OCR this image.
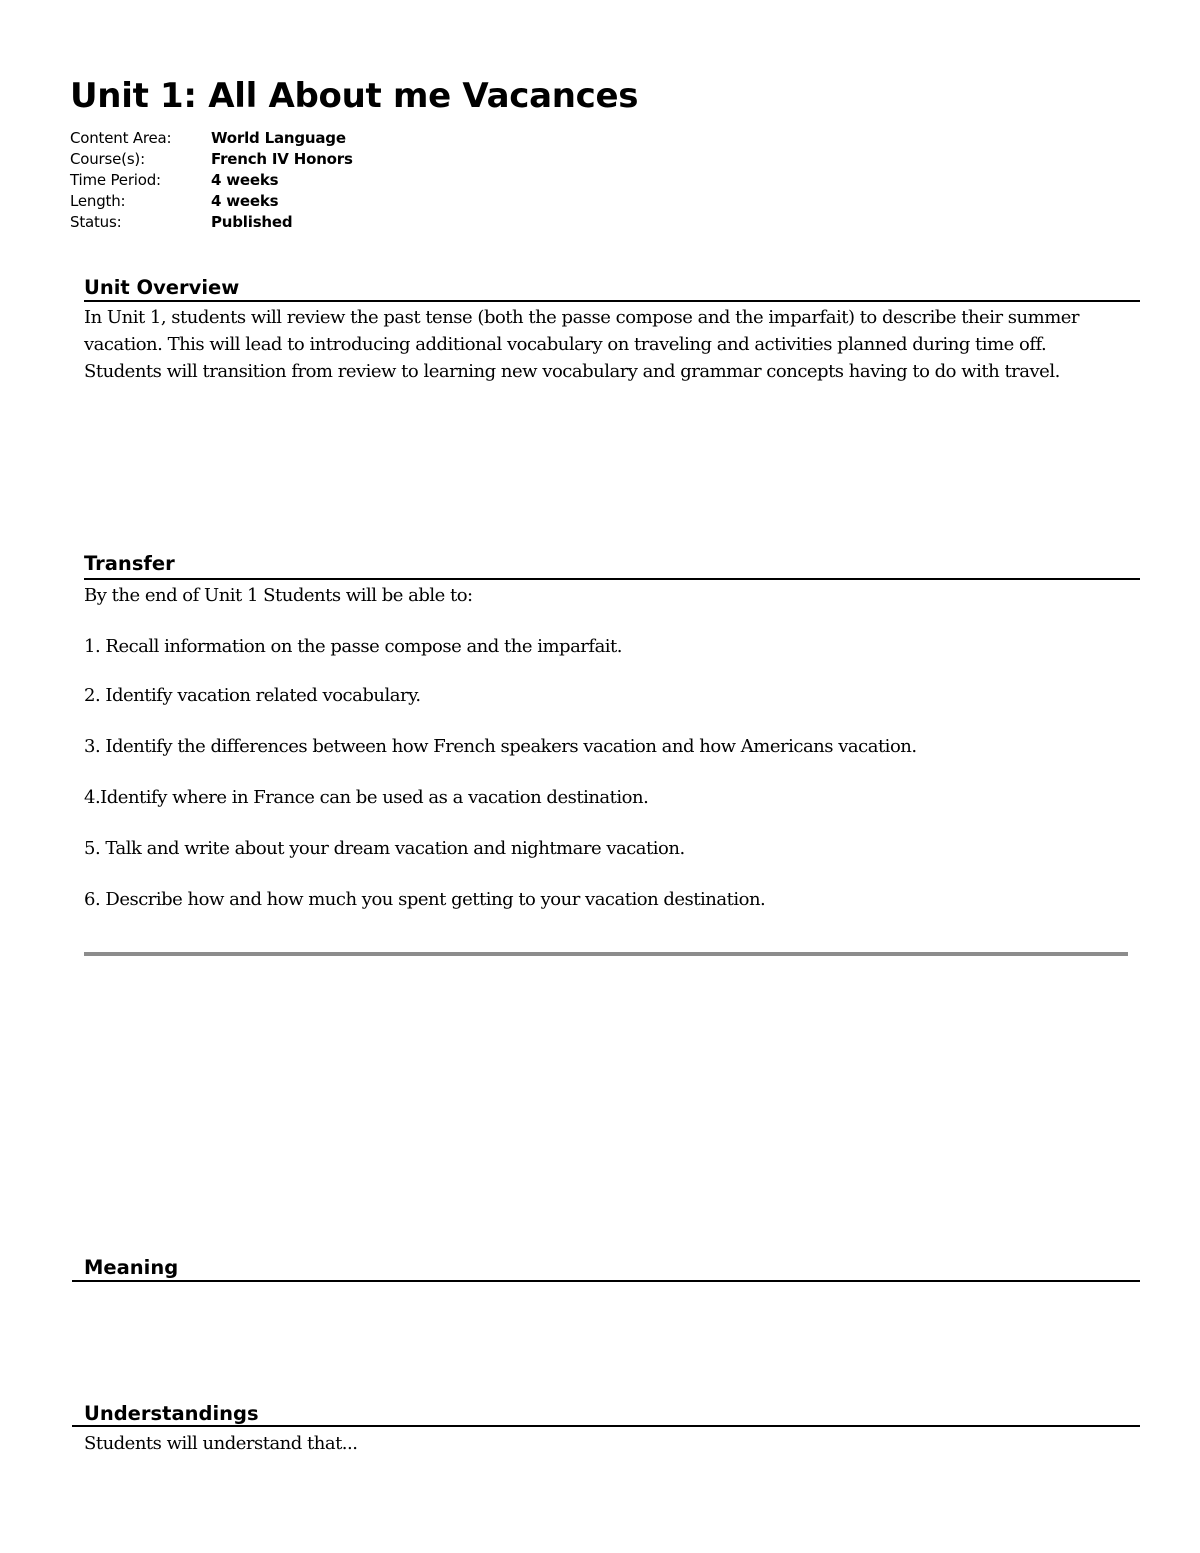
Unit 1: All About me Vacances
Content Area:	World Language
Course(s):	French IV Honors
Time Period:	4 weeks
Length:	4 weeks
Status:	Published
Unit Overview

In Unit 1, students will review the past tense (both the passe compose and the imparfait) to describe their summer vacation. This will lead to introducing additional vocabulary on traveling and activities planned during time off. Students will transition from review to learning new vocabulary and grammar concepts having to do with travel.

Transfer

By the end of Unit 1 Students will be able to:

1. Recall information on the passe compose and the imparfait.

2. Identify vacation related vocabulary.

3. Identify the differences between how French speakers vacation and how Americans vacation.

4.Identify where in France can be used as a vacation destination.

5. Talk and write about your dream vacation and nightmare vacation.

6. Describe how and how much you spent getting to your vacation destination.

Meaning
Understandings

Students will understand that...
